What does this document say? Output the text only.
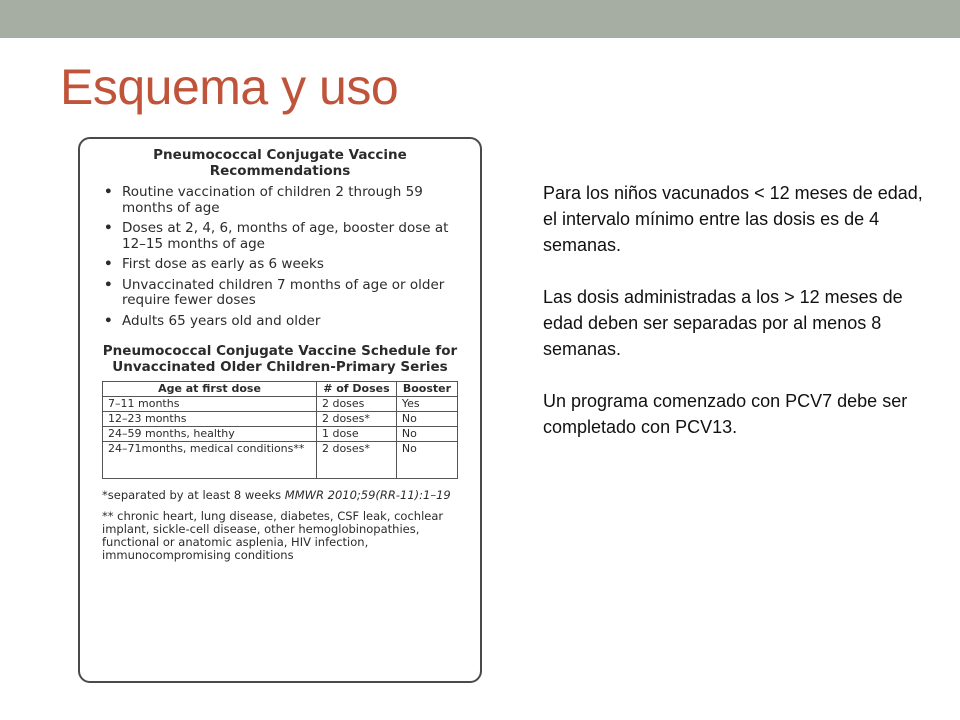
Esquema y uso

Pneumococcal Conjugate Vaccine Recommendations

• Routine vaccination of children 2 through 59 months of age
• Doses at 2, 4, 6, months of age, booster dose at 12–15 months of age
• First dose as early as 6 weeks
• Unvaccinated children 7 months of age or older require fewer doses
• Adults 65 years old and older

Pneumococcal Conjugate Vaccine Schedule for Unvaccinated Older Children-Primary Series

Age at first dose	# of Doses	Booster
7–11 months	2 doses	Yes
12–23 months	2 doses*	No
24–59 months, healthy	1 dose	No
24–71months, medical conditions**	2 doses*	No
*separated by at least 8 weeks MMWR 2010;59(RR-11):1–19
** chronic heart, lung disease, diabetes, CSF leak, cochlear implant, sickle-cell disease, other hemoglobinopathies, functional or anatomic asplenia, HIV infection, immunocompromising conditions

Para los niños vacunados < 12 meses de edad, el intervalo mínimo entre las dosis es de 4 semanas.

Las dosis administradas a los > 12 meses de edad deben ser separadas por al menos 8 semanas.

Un programa comenzado con PCV7 debe ser completado con PCV13.
